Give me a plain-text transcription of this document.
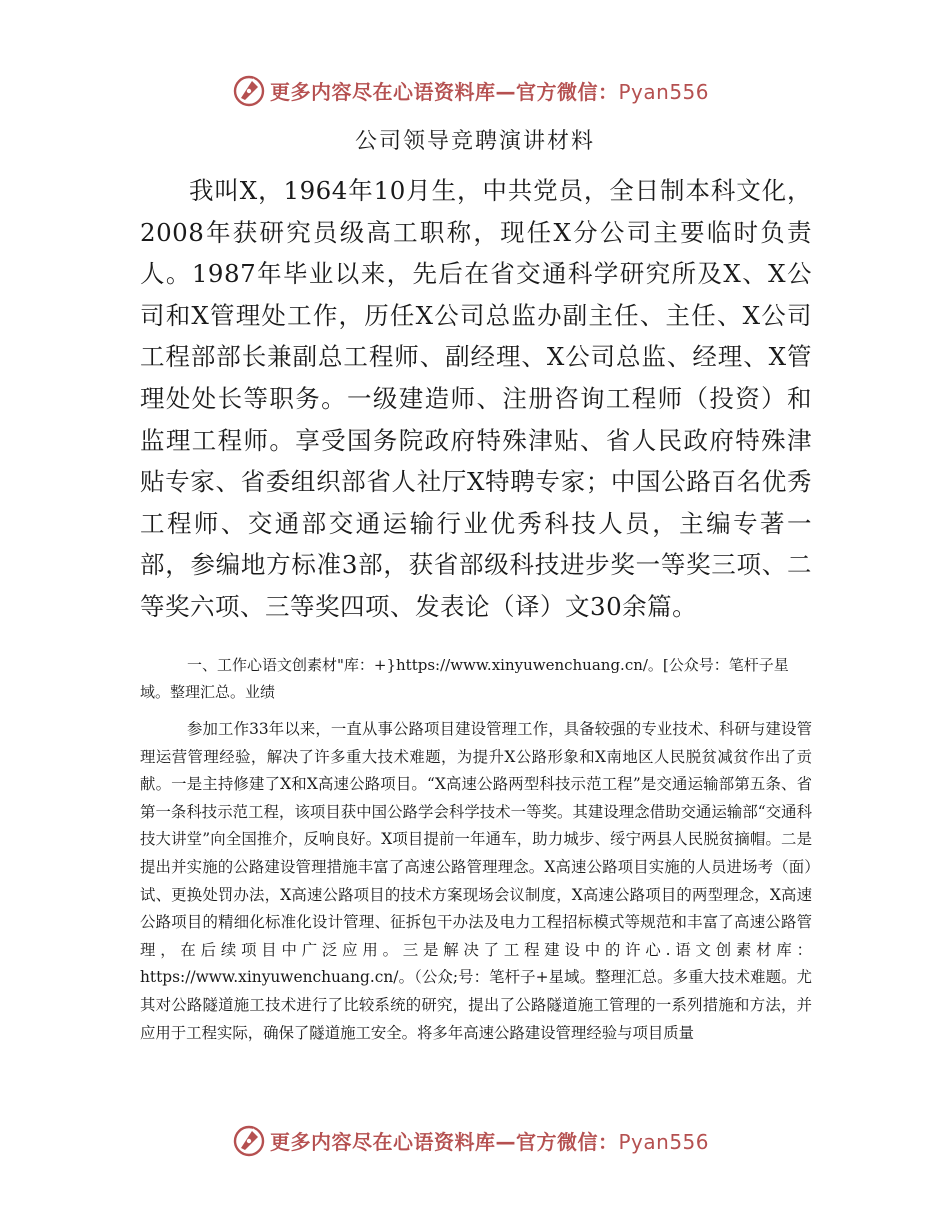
更多内容尽在心语资料库—官方微信：Pyan556
公司领导竞聘演讲材料

我叫X，1964年10月生，中共党员，全日制本科文化，2008年获研究员级高工职称，现任X分公司主要临时负责人。1987年毕业以来，先后在省交通科学研究所及X、X公司和X管理处工作，历任X公司总监办副主任、主任、X公司工程部部长兼副总工程师、副经理、X公司总监、经理、X管理处处长等职务。一级建造师、注册咨询工程师（投资）和监理工程师。享受国务院政府特殊津贴、省人民政府特殊津贴专家、省委组织部省人社厅X特聘专家；中国公路百名优秀工程师、交通部交通运输行业优秀科技人员，主编专著一部，参编地方标准3部，获省部级科技进步奖一等奖三项、二等奖六项、三等奖四项、发表论（译）文30余篇。

一、工作心语文创素材"库：+}https://www.xinyuwenchuang.cn/。[公众号：笔杆子星域。整理汇总。业绩

参加工作33年以来，一直从事公路项目建设管理工作，具备较强的专业技术、科研与建设管理运营管理经验，解决了许多重大技术难题，为提升X公路形象和X南地区人民脱贫减贫作出了贡献。一是主持修建了X和X高速公路项目。“X高速公路两型科技示范工程”是交通运输部第五条、省第一条科技示范工程，该项目获中国公路学会科学技术一等奖。其建设理念借助交通运输部“交通科技大讲堂”向全国推介，反响良好。X项目提前一年通车，助力城步、绥宁两县人民脱贫摘帽。二是提出并实施的公路建设管理措施丰富了高速公路管理理念。X高速公路项目实施的人员进场考（面）试、更换处罚办法，X高速公路项目的技术方案现场会议制度，X高速公路项目的两型理念，X高速公路项目的精细化标准化设计管理、征拆包干办法及电力工程招标模式等规范和丰富了高速公路管理，在后续项目中广泛应用。三是解决了工程建设中的许心.语文创素材库：https://www.xinyuwenchuang.cn/。（公众;号：笔杆子+星域。整理汇总。多重大技术难题。尤其对公路隧道施工技术进行了比较系统的研究，提出了公路隧道施工管理的一系列措施和方法，并应用于工程实际，确保了隧道施工安全。将多年高速公路建设管理经验与项目质量

更多内容尽在心语资料库—官方微信：Pyan556
